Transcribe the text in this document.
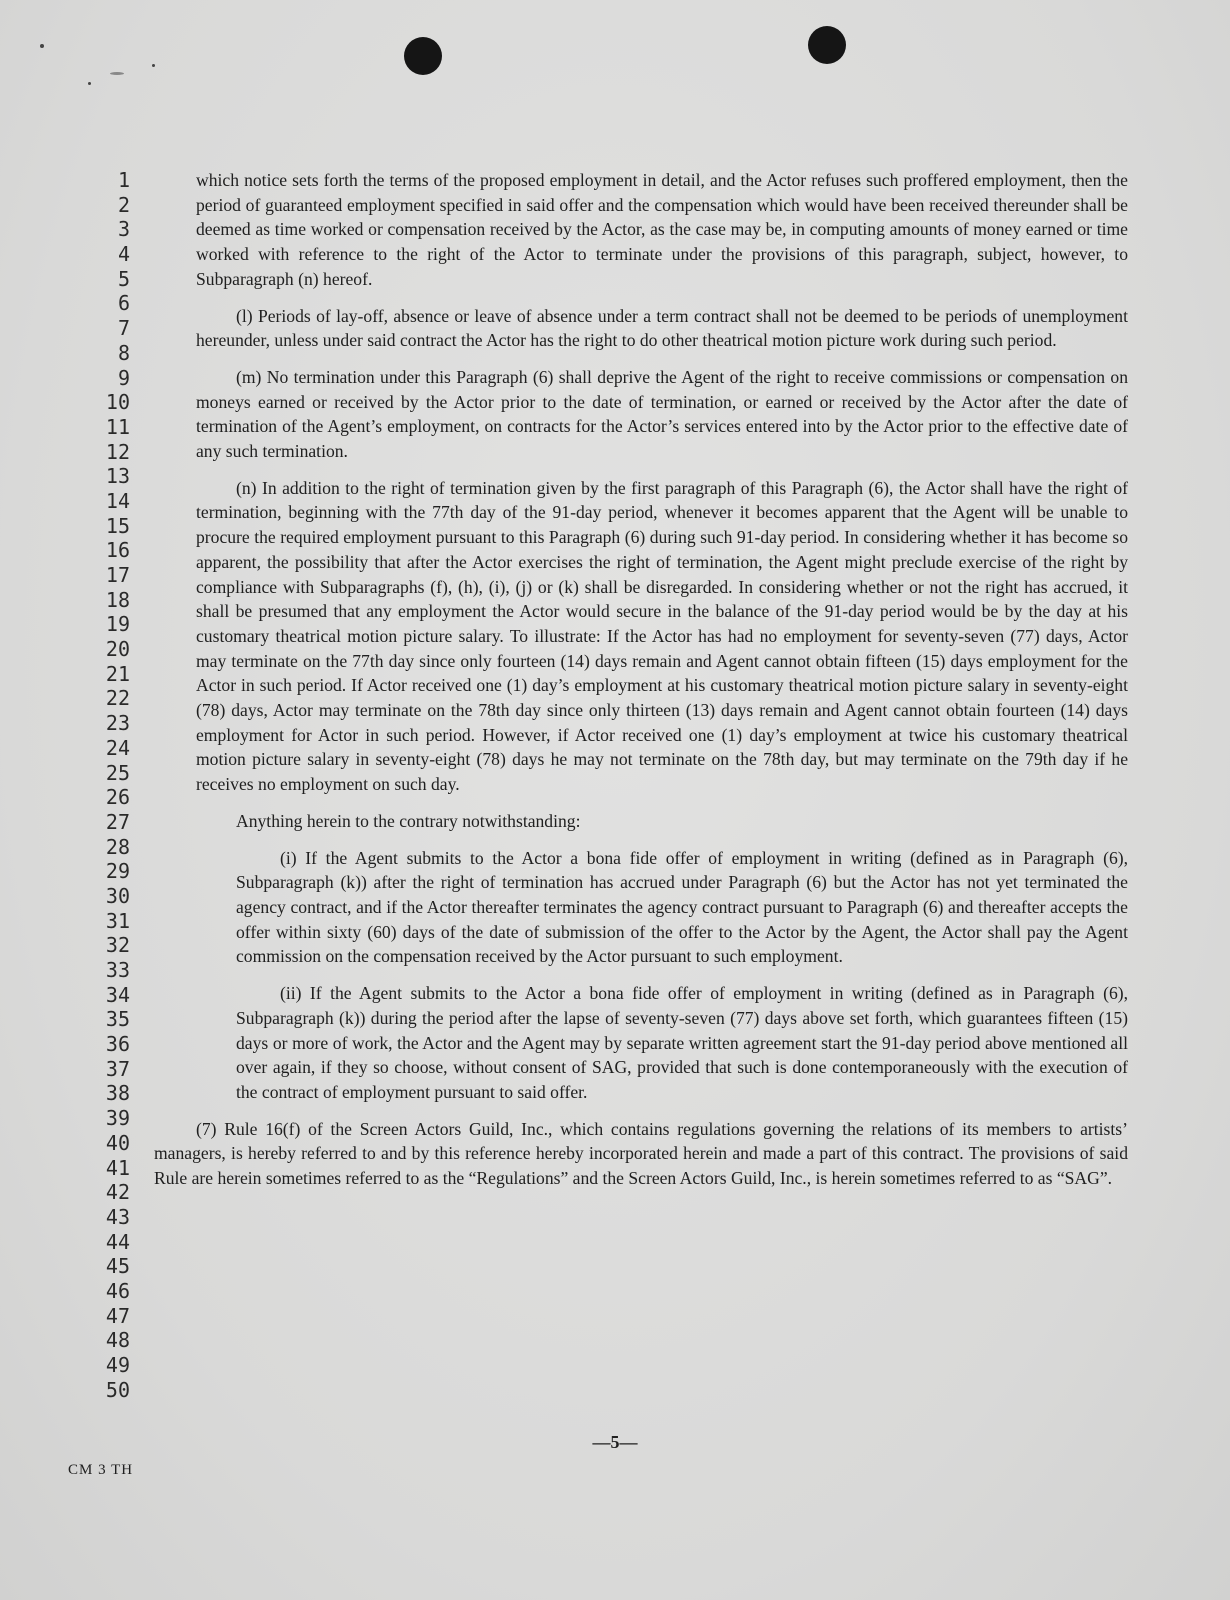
1
2
3
4
5
6
7
8
9
10
11
12
13
14
15
16
17
18
19
20
21
22
23
24
25
26
27
28
29
30
31
32
33
34
35
36
37
38
39
40
41
42
43
44
45
46
47
48
49
50

which notice sets forth the terms of the proposed employment in detail, and the Actor refuses such proffered employment, then the period of guaranteed employment specified in said offer and the compensation which would have been received thereunder shall be deemed as time worked or compensation received by the Actor, as the case may be, in computing amounts of money earned or time worked with reference to the right of the Actor to terminate under the provisions of this paragraph, subject, however, to Subparagraph (n) hereof.

(l) Periods of lay-off, absence or leave of absence under a term contract shall not be deemed to be periods of unemployment hereunder, unless under said contract the Actor has the right to do other theatrical motion picture work during such period.

(m) No termination under this Paragraph (6) shall deprive the Agent of the right to receive commissions or compensation on moneys earned or received by the Actor prior to the date of termination, or earned or received by the Actor after the date of termination of the Agent’s employment, on contracts for the Actor’s services entered into by the Actor prior to the effective date of any such termination.

(n) In addition to the right of termination given by the first paragraph of this Paragraph (6), the Actor shall have the right of termination, beginning with the 77th day of the 91-day period, whenever it becomes apparent that the Agent will be unable to procure the required employment pursuant to this Paragraph (6) during such 91-day period. In considering whether it has become so apparent, the possibility that after the Actor exercises the right of termination, the Agent might preclude exercise of the right by compliance with Subparagraphs (f), (h), (i), (j) or (k) shall be disregarded. In considering whether or not the right has accrued, it shall be presumed that any employment the Actor would secure in the balance of the 91-day period would be by the day at his customary theatrical motion picture salary. To illustrate: If the Actor has had no employment for seventy-seven (77) days, Actor may terminate on the 77th day since only fourteen (14) days remain and Agent cannot obtain fifteen (15) days employment for the Actor in such period. If Actor received one (1) day’s employment at his customary theatrical motion picture salary in seventy-eight (78) days, Actor may terminate on the 78th day since only thirteen (13) days remain and Agent cannot obtain fourteen (14) days employment for Actor in such period. However, if Actor received one (1) day’s employment at twice his customary theatrical motion picture salary in seventy-eight (78) days he may not terminate on the 78th day, but may terminate on the 79th day if he receives no employment on such day.

Anything herein to the contrary notwithstanding:

(i) If the Agent submits to the Actor a bona fide offer of employment in writing (defined as in Paragraph (6), Subparagraph (k)) after the right of termination has accrued under Paragraph (6) but the Actor has not yet terminated the agency contract, and if the Actor thereafter terminates the agency contract pursuant to Paragraph (6) and thereafter accepts the offer within sixty (60) days of the date of submission of the offer to the Actor by the Agent, the Actor shall pay the Agent commission on the compensation received by the Actor pursuant to such employment.

(ii) If the Agent submits to the Actor a bona fide offer of employment in writing (defined as in Paragraph (6), Subparagraph (k)) during the period after the lapse of seventy-seven (77) days above set forth, which guarantees fifteen (15) days or more of work, the Actor and the Agent may by separate written agreement start the 91-day period above mentioned all over again, if they so choose, without consent of SAG, provided that such is done contemporaneously with the execution of the contract of employment pursuant to said offer.

(7) Rule 16(f) of the Screen Actors Guild, Inc., which contains regulations governing the relations of its members to artists’ managers, is hereby referred to and by this reference hereby incorporated herein and made a part of this contract. The provisions of said Rule are herein sometimes referred to as the “Regulations” and the Screen Actors Guild, Inc., is herein sometimes referred to as “SAG”.

—5—
CM 3 TH
